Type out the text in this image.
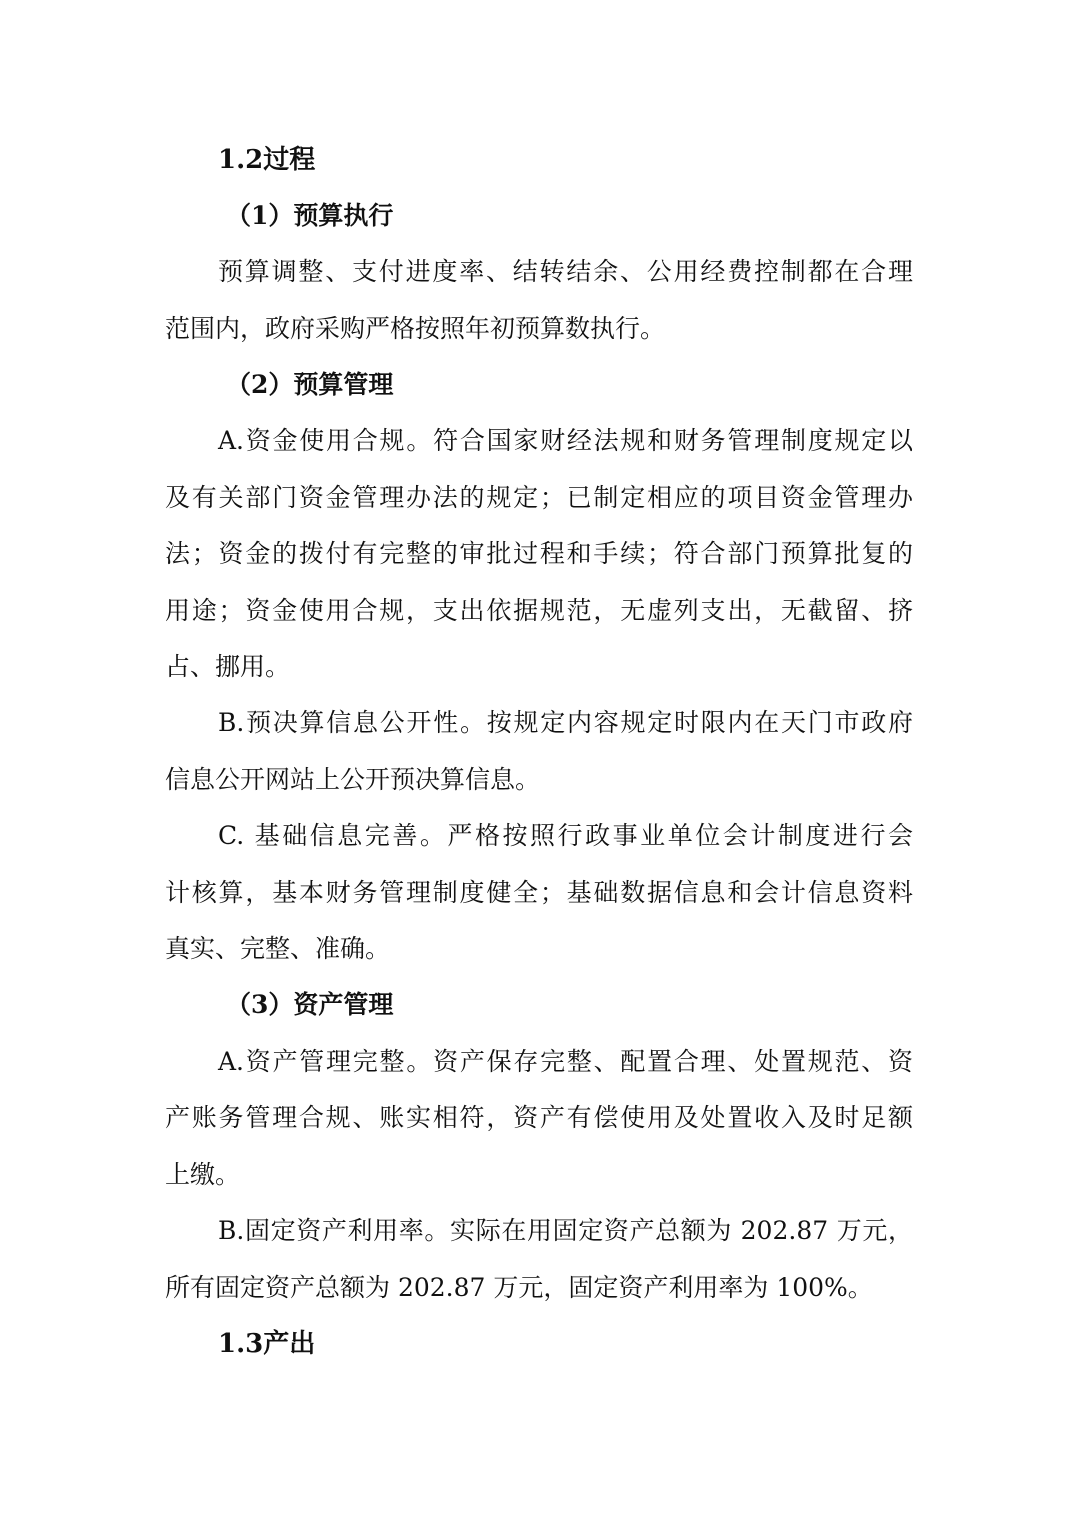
1.2过程
（1）预算执行
预算调整、支付进度率、结转结余、公用经费控制都在合理
范围内，政府采购严格按照年初预算数执行。
（2）预算管理
A.资金使用合规。符合国家财经法规和财务管理制度规定以
及有关部门资金管理办法的规定；已制定相应的项目资金管理办
法；资金的拨付有完整的审批过程和手续；符合部门预算批复的
用途；资金使用合规，支出依据规范，无虚列支出，无截留、挤
占、挪用。
B.预决算信息公开性。按规定内容规定时限内在天门市政府
信息公开网站上公开预决算信息。
C. 基础信息完善。严格按照行政事业单位会计制度进行会
计核算，基本财务管理制度健全；基础数据信息和会计信息资料
真实、完整、准确。
（3）资产管理
A.资产管理完整。资产保存完整、配置合理、处置规范、资
产账务管理合规、账实相符，资产有偿使用及处置收入及时足额
上缴。
B.固定资产利用率。实际在用固定资产总额为 202.87 万元，
所有固定资产总额为 202.87 万元，固定资产利用率为 100%。
1.3产出
